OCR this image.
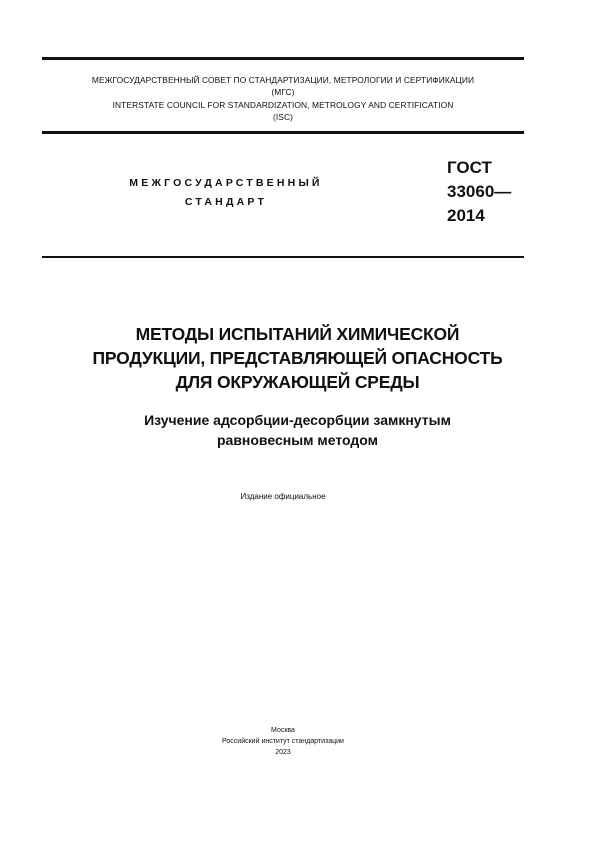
МЕЖГОСУДАРСТВЕННЫЙ СОВЕТ ПО СТАНДАРТИЗАЦИИ, МЕТРОЛОГИИ И СЕРТИФИКАЦИИ
(МГС)
INTERSTATE COUNCIL FOR STANDARDIZATION, METROLOGY AND CERTIFICATION
(ISC)
МЕЖГОСУДАРСТВЕННЫЙ
СТАНДАРТ
ГОСТ
33060—
2014
МЕТОДЫ ИСПЫТАНИЙ ХИМИЧЕСКОЙ
ПРОДУКЦИИ, ПРЕДСТАВЛЯЮЩЕЙ ОПАСНОСТЬ
ДЛЯ ОКРУЖАЮЩЕЙ СРЕДЫ
Изучение адсорбции-десорбции замкнутым
равновесным методом
Издание официальное
Москва
Российский институт стандартизации
2023
